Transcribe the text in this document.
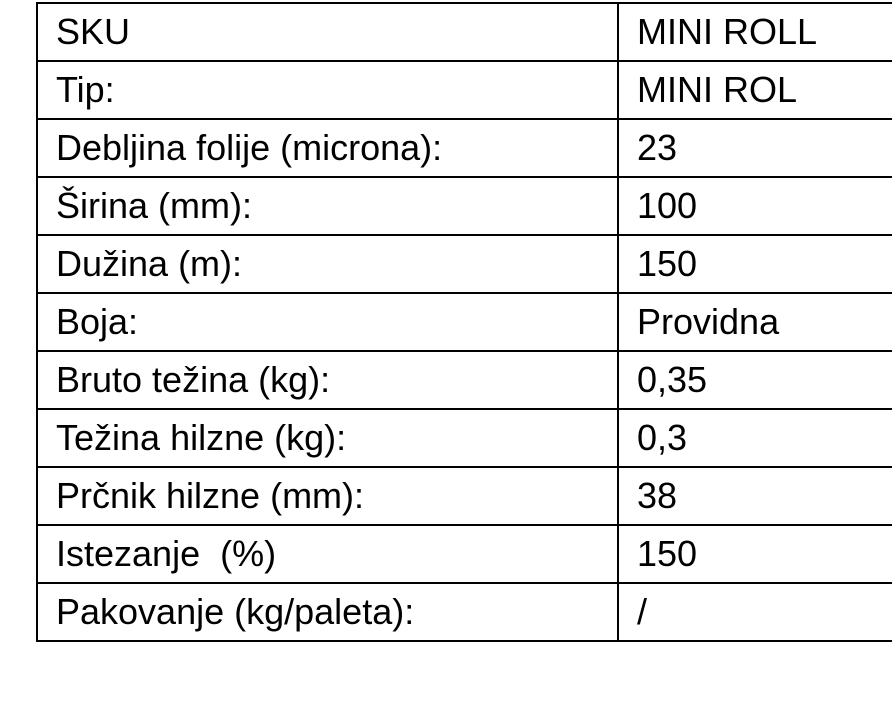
SKU	MINI ROLL
Tip:	MINI ROL
Debljina folije (microna):	23
Širina (mm):	100
Dužina (m):	150
Boja:	Providna
Bruto težina (kg):	0,35
Težina hilzne (kg):	0,3
Prčnik hilzne (mm):	38
Istezanje  (%)	150
Pakovanje (kg/paleta):	/
